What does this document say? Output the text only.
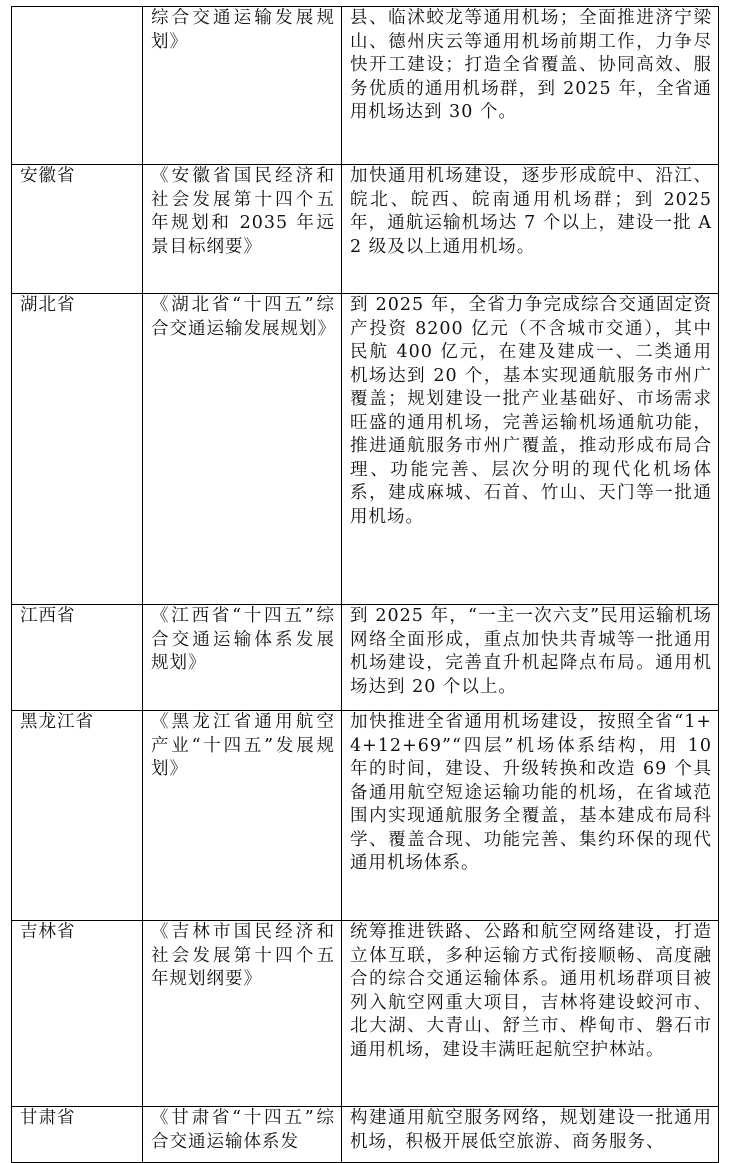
	综合交通运输发展规划》	县、临沭蛟龙等通用机场；全面推进济宁梁山、德州庆云等通用机场前期工作，力争尽快开工建设；打造全省覆盖、协同高效、服务优质的通用机场群，到 2025 年，全省通用机场达到 30 个。
安徽省	《安徽省国民经济和社会发展第十四个五年规划和 2035 年远景目标纲要》	加快通用机场建设，逐步形成皖中、沿江、皖北、皖西、皖南通用机场群；到 2025 年，通航运输机场达 7 个以上，建设一批 A2 级及以上通用机场。
湖北省	《湖北省“十四五”综合交通运输发展规划》	到 2025 年，全省力争完成综合交通固定资产投资 8200 亿元（不含城市交通），其中民航 400 亿元，在建及建成一、二类通用机场达到 20 个，基本实现通航服务市州广覆盖；规划建设一批产业基础好、市场需求旺盛的通用机场，完善运输机场通航功能，推进通航服务市州广覆盖，推动形成布局合理、功能完善、层次分明的现代化机场体系，建成麻城、石首、竹山、天门等一批通用机场。
江西省	《江西省“十四五”综合交通运输体系发展规划》	到 2025 年，“一主一次六支”民用运输机场网络全面形成，重点加快共青城等一批通用机场建设，完善直升机起降点布局。通用机场达到 20 个以上。
黑龙江省	《黑龙江省通用航空产业“十四五”发展规划》	加快推进全省通用机场建设，按照全省“1+4+12+69”“四层”机场体系结构，用 10 年的时间，建设、升级转换和改造 69 个具备通用航空短途运输功能的机场，在省域范围内实现通航服务全覆盖，基本建成布局科学、覆盖合现、功能完善、集约环保的现代通用机场体系。
吉林省	《吉林市国民经济和社会发展第十四个五年规划纲要》	统筹推进铁路、公路和航空网络建设，打造立体互联，多种运输方式衔接顺畅、高度融合的综合交通运输体系。通用机场群项目被列入航空网重大项目，吉林将建设蛟河市、北大湖、大青山、舒兰市、桦甸市、磐石市通用机场，建设丰满旺起航空护林站。
甘肃省	《甘肃省“十四五”综合交通运输体系发	构建通用航空服务网络，规划建设一批通用机场，积极开展低空旅游、商务服务、
